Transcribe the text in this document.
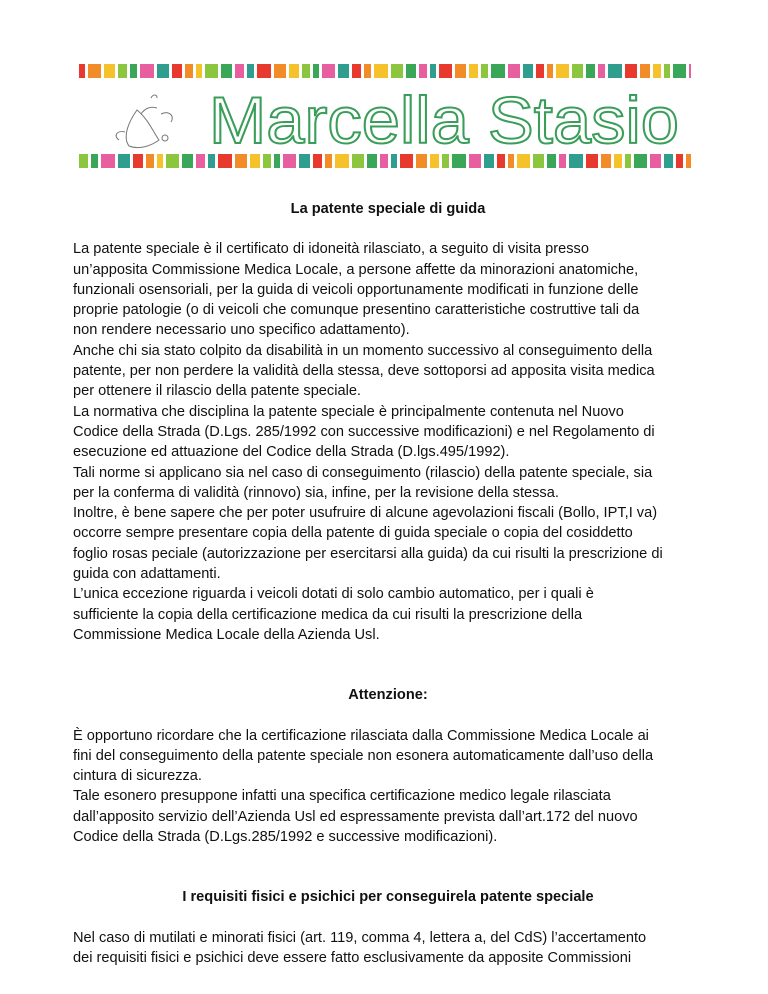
Marcella Stasio
La patente speciale di guida

La patente speciale è il certificato di idoneità rilasciato, a seguito di visita presso

un’apposita Commissione Medica Locale, a persone affette da minorazioni anatomiche,

funzionali osensoriali, per la guida di veicoli opportunamente modificati in funzione delle

proprie patologie (o di veicoli che comunque presentino caratteristiche costruttive tali da

non rendere necessario uno specifico adattamento).

Anche chi sia stato colpito da disabilità in un momento successivo al conseguimento della

patente, per non perdere la validità della stessa, deve sottoporsi ad apposita visita medica

per ottenere il rilascio della patente speciale.

La normativa che disciplina la patente speciale è principalmente contenuta nel Nuovo

Codice della Strada (D.Lgs. 285/1992 con successive modificazioni) e nel Regolamento di

esecuzione ed attuazione del Codice della Strada (D.lgs.495/1992).

Tali norme si applicano sia nel caso di conseguimento (rilascio) della patente speciale, sia

per la conferma di validità (rinnovo) sia, infine, per la revisione della stessa.

Inoltre, è bene sapere che per poter usufruire di alcune agevolazioni fiscali (Bollo, IPT,I va)

occorre sempre presentare copia della patente di guida speciale o copia del cosiddetto

foglio rosas peciale (autorizzazione per esercitarsi alla guida) da cui risulti la prescrizione di

guida con adattamenti.

L’unica eccezione riguarda i veicoli dotati di solo cambio automatico, per i quali è

sufficiente la copia della certificazione medica da cui risulti la prescrizione della

Commissione Medica Locale della Azienda Usl.

Attenzione:

È opportuno ricordare che la certificazione rilasciata dalla Commissione Medica Locale ai

fini del conseguimento della patente speciale non esonera automaticamente dall’uso della

cintura di sicurezza.

Tale esonero presuppone infatti una specifica certificazione medico legale rilasciata

dall’apposito servizio dell’Azienda Usl ed espressamente prevista dall’art.172 del nuovo

Codice della Strada (D.Lgs.285/1992 e successive modificazioni).

I requisiti fisici e psichici per conseguirela patente speciale

Nel caso di mutilati e minorati fisici (art. 119, comma 4, lettera a, del CdS) l’accertamento

dei requisiti fisici e psichici deve essere fatto esclusivamente da apposite Commissioni
